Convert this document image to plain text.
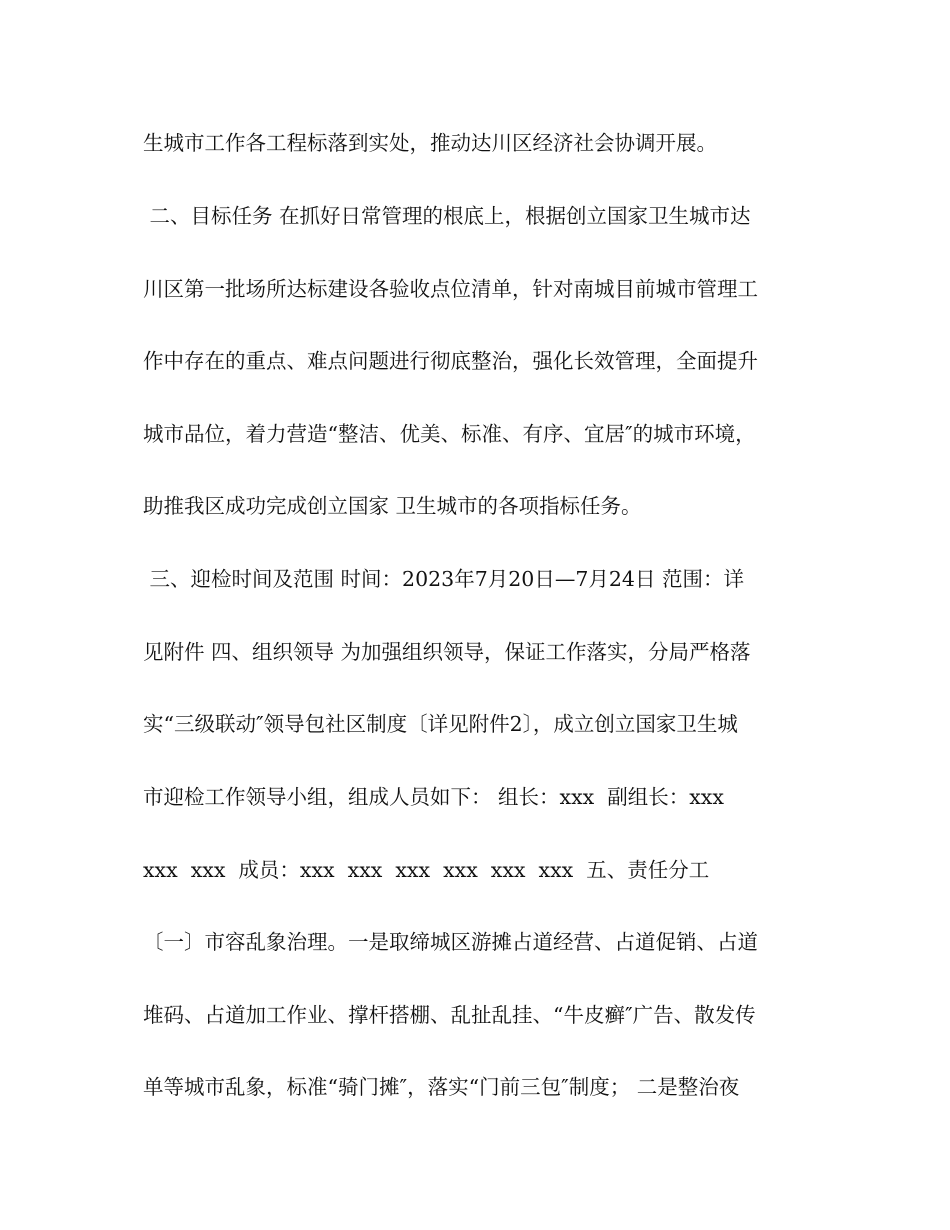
生城市工作各工程标落到实处，推动达川区经济社会协调开展。
二、目标任务 在抓好日常管理的根底上，根据创立国家卫生城市达
川区第一批场所达标建设各验收点位清单，针对南城目前城市管理工
作中存在的重点、难点问题进行彻底整治，强化长效管理，全面提升
城市品位，着力营造“整洁、优美、标准、有序、宜居″的城市环境，
助推我区成功完成创立国家 卫生城市的各项指标任务。
三、迎检时间及范围 时间：2023年7月20日—7月24日 范围：详
见附件 四、组织领导 为加强组织领导，保证工作落实，分局严格落
实“三级联动″领导包社区制度〔详见附件2〕，成立创立国家卫生城
市迎检工作领导小组，组成人员如下： 组长：xxx  副组长：xxx
xxx  xxx  成员：xxx  xxx  xxx  xxx  xxx  xxx  五、责任分工
〔一〕市容乱象治理。一是取缔城区游摊占道经营、占道促销、占道
堆码、占道加工作业、撑杆搭棚、乱扯乱挂、“牛皮癣″广告、散发传
单等城市乱象，标准“骑门摊″，落实“门前三包″制度； 二是整治夜
